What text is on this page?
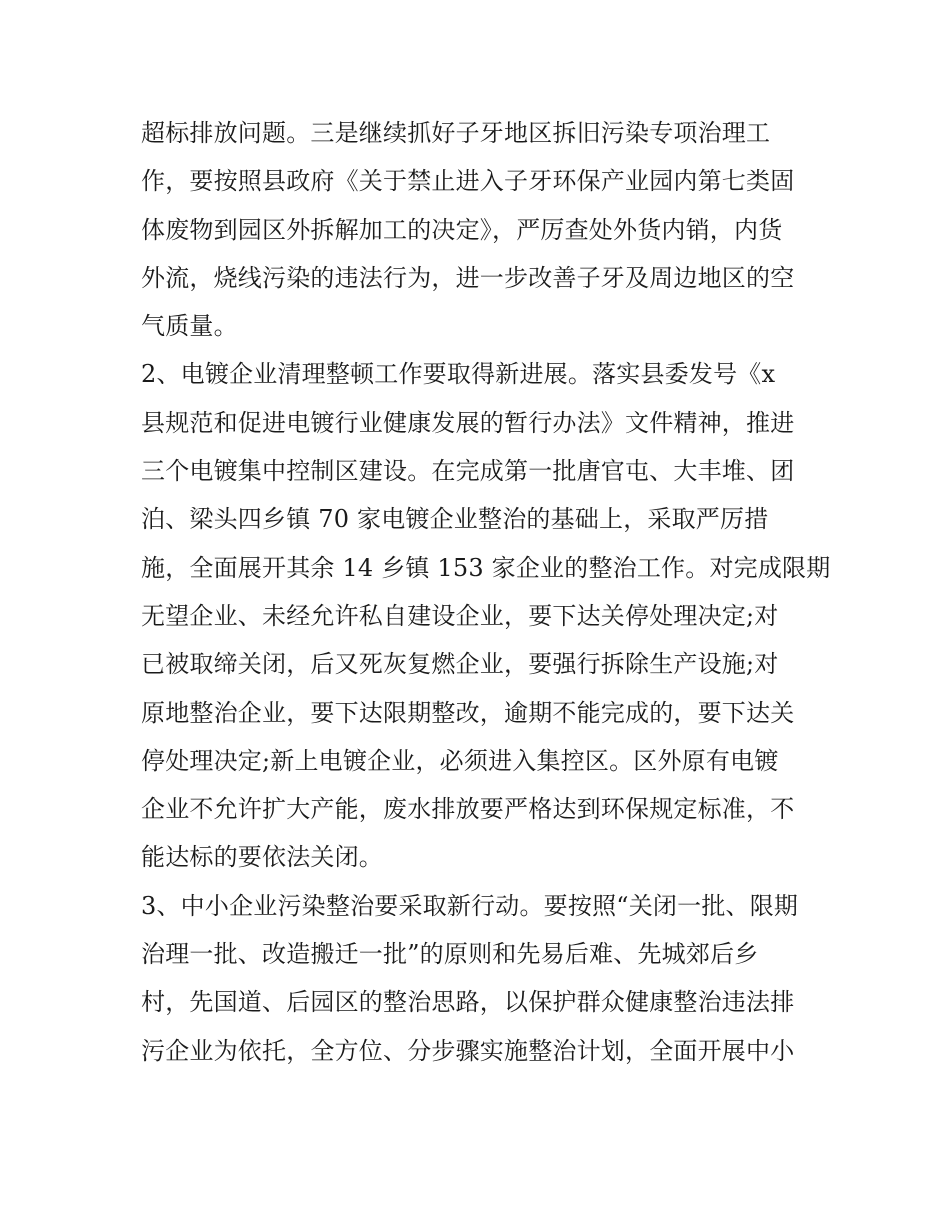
超标排放问题。三是继续抓好子牙地区拆旧污染专项治理工
作，要按照县政府《关于禁止进入子牙环保产业园内第七类固
体废物到园区外拆解加工的决定》，严厉查处外货内销，内货
外流，烧线污染的违法行为，进一步改善子牙及周边地区的空
气质量。
2、电镀企业清理整顿工作要取得新进展。落实县委发号《x
县规范和促进电镀行业健康发展的暂行办法》文件精神，推进
三个电镀集中控制区建设。在完成第一批唐官屯、大丰堆、团
泊、梁头四乡镇 70 家电镀企业整治的基础上，采取严厉措
施，全面展开其余 14 乡镇 153 家企业的整治工作。对完成限期
无望企业、未经允许私自建设企业，要下达关停处理决定;对
已被取缔关闭，后又死灰复燃企业，要强行拆除生产设施;对
原地整治企业，要下达限期整改，逾期不能完成的，要下达关
停处理决定;新上电镀企业，必须进入集控区。区外原有电镀
企业不允许扩大产能，废水排放要严格达到环保规定标准，不
能达标的要依法关闭。
3、中小企业污染整治要采取新行动。要按照“关闭一批、限期
治理一批、改造搬迁一批”的原则和先易后难、先城郊后乡
村，先国道、后园区的整治思路，以保护群众健康整治违法排
污企业为依托，全方位、分步骤实施整治计划，全面开展中小
